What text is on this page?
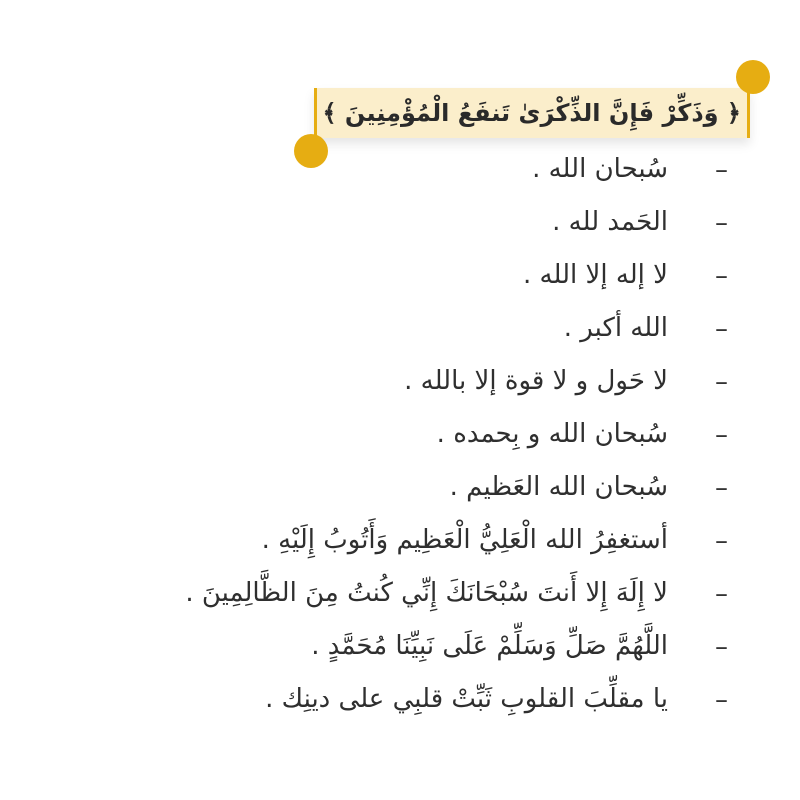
﴿ وَذَكِّرْ فَإِنَّ الذِّكْرَىٰ تَنفَعُ الْمُؤْمِنِينَ ﴾
–
سُبحان الله .
–
الحَمد لله .
–
لا إله إلا الله .
–
الله أكبر .
–
لا حَول و لا قوة إلا بالله .
–
سُبحان الله و بِحمده .
–
سُبحان الله العَظيم .
–
أستغفِرُ الله الْعَلِيُّ الْعَظِيم وَأَتُوبُ إِلَيْهِ .
–
لا إِلَهَ إِلا أَنتَ سُبْحَانَكَ إِنِّي كُنتُ مِنَ الظَّالِمِينَ .
–
اللَّهُمَّ صَلِّ وَسَلِّمْ عَلَى نَبِيِّنَا مُحَمَّدٍ .
–
يا مقلِّبَ القلوبِ ثَبِّتْ قلبِي على دينِك .
